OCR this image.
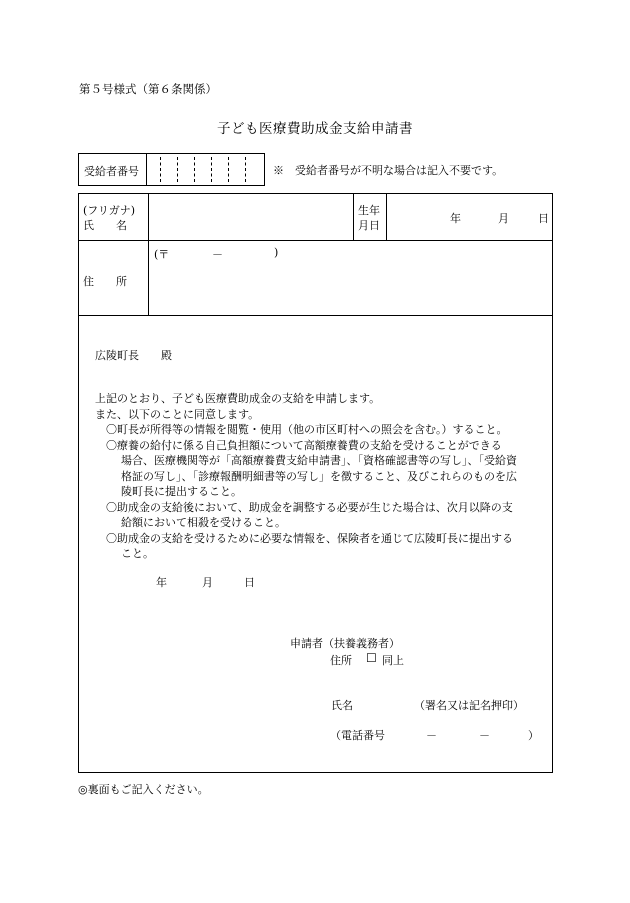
第５号様式（第６条関係）
子ども医療費助成金支給申請書
受給者番号	※　受給者番号が不明な場合は記入不要です。
(フリガナ)
氏　　名
生年
月日
年	月	日
住　　所
(〒	－	)
広陵町長　　殿
上記のとおり、子ども医療費助成金の支給を申請します。
また、以下のことに同意します。
〇町長が所得等の情報を閲覧・使用（他の市区町村への照会を含む。）すること。
〇療養の給付に係る自己負担額について高額療養費の支給を受けることができる
場合、医療機関等が「高額療養費支給申請書」、「資格確認書等の写し」、「受給資
格証の写し」、「診療報酬明細書等の写し」を徴すること、及びこれらのものを広
陵町長に提出すること。
〇助成金の支給後において、助成金を調整する必要が生じた場合は、次月以降の支
給額において相殺を受けること。
〇助成金の支給を受けるために必要な情報を、保険者を通じて広陵町長に提出する
こと。
年	月	日
申請者（扶養義務者）
住所 ☐ 同上
氏名	（署名又は記名押印）
（電話番号	－	－	）
◎裏面もご記入ください。
